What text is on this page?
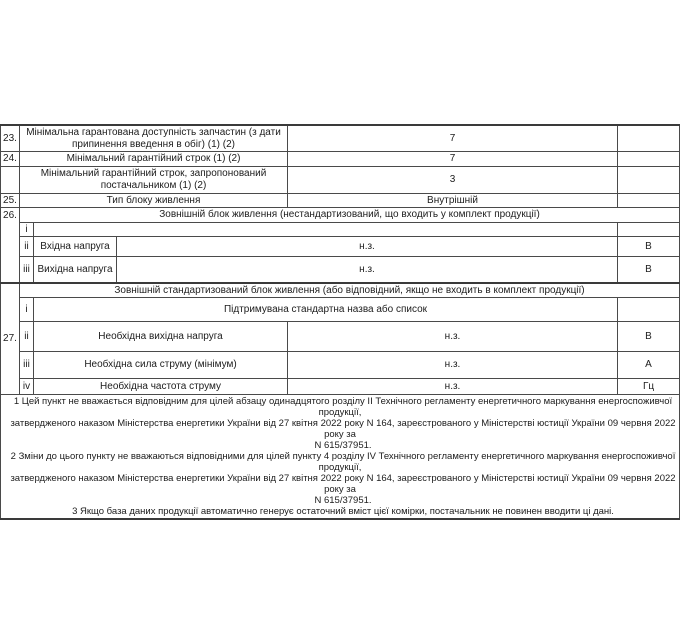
23.	Мінімальна гарантована доступність запчастин (з дати припинення введення в обіг) (1) (2)			7	
24.	Мінімальний гарантійний строк (1) (2)			7	
	Мінімальний гарантійний строк, запропонований постачальником (1) (2)			3	
25.	Тип блоку живлення			Внутрішній	
26.	Зовнішній блок живлення (нестандартизований, що входить у комплект продукції)				
	i				
	ii	Вхідна напруга	н.з.		В
	iii	Вихідна напруга	н.з.		В
27.	Зовнішній стандартизований блок живлення (або відповідний, якщо не входить в комплект продукції)				
	i	Підтримувана стандартна назва або список			
	ii	Необхідна вихідна напруга		н.з.	В
	iii	Необхідна сила струму (мінімум)		н.з.	А
	iv	Необхідна частота струму		н.з.	Гц

1 Цей пункт не вважається відповідним для цілей абзацу одинадцятого розділу II Технічного регламенту енергетичного маркування енергоспоживчої продукції,

затвердженого наказом Міністерства енергетики України від 27 квітня 2022 року N 164, зареєстрованого у Міністерстві юстиції України 09 червня 2022 року за

N 615/37951.

2 Зміни до цього пункту не вважаються відповідними для цілей пункту 4 розділу IV Технічного регламенту енергетичного маркування енергоспоживчої продукції,

затвердженого наказом Міністерства енергетики України від 27 квітня 2022 року N 164, зареєстрованого у Міністерстві юстиції України 09 червня 2022 року за

N 615/37951.

3 Якщо база даних продукції автоматично генерує остаточний вміст цієї комірки, постачальник не повинен вводити ці дані.
